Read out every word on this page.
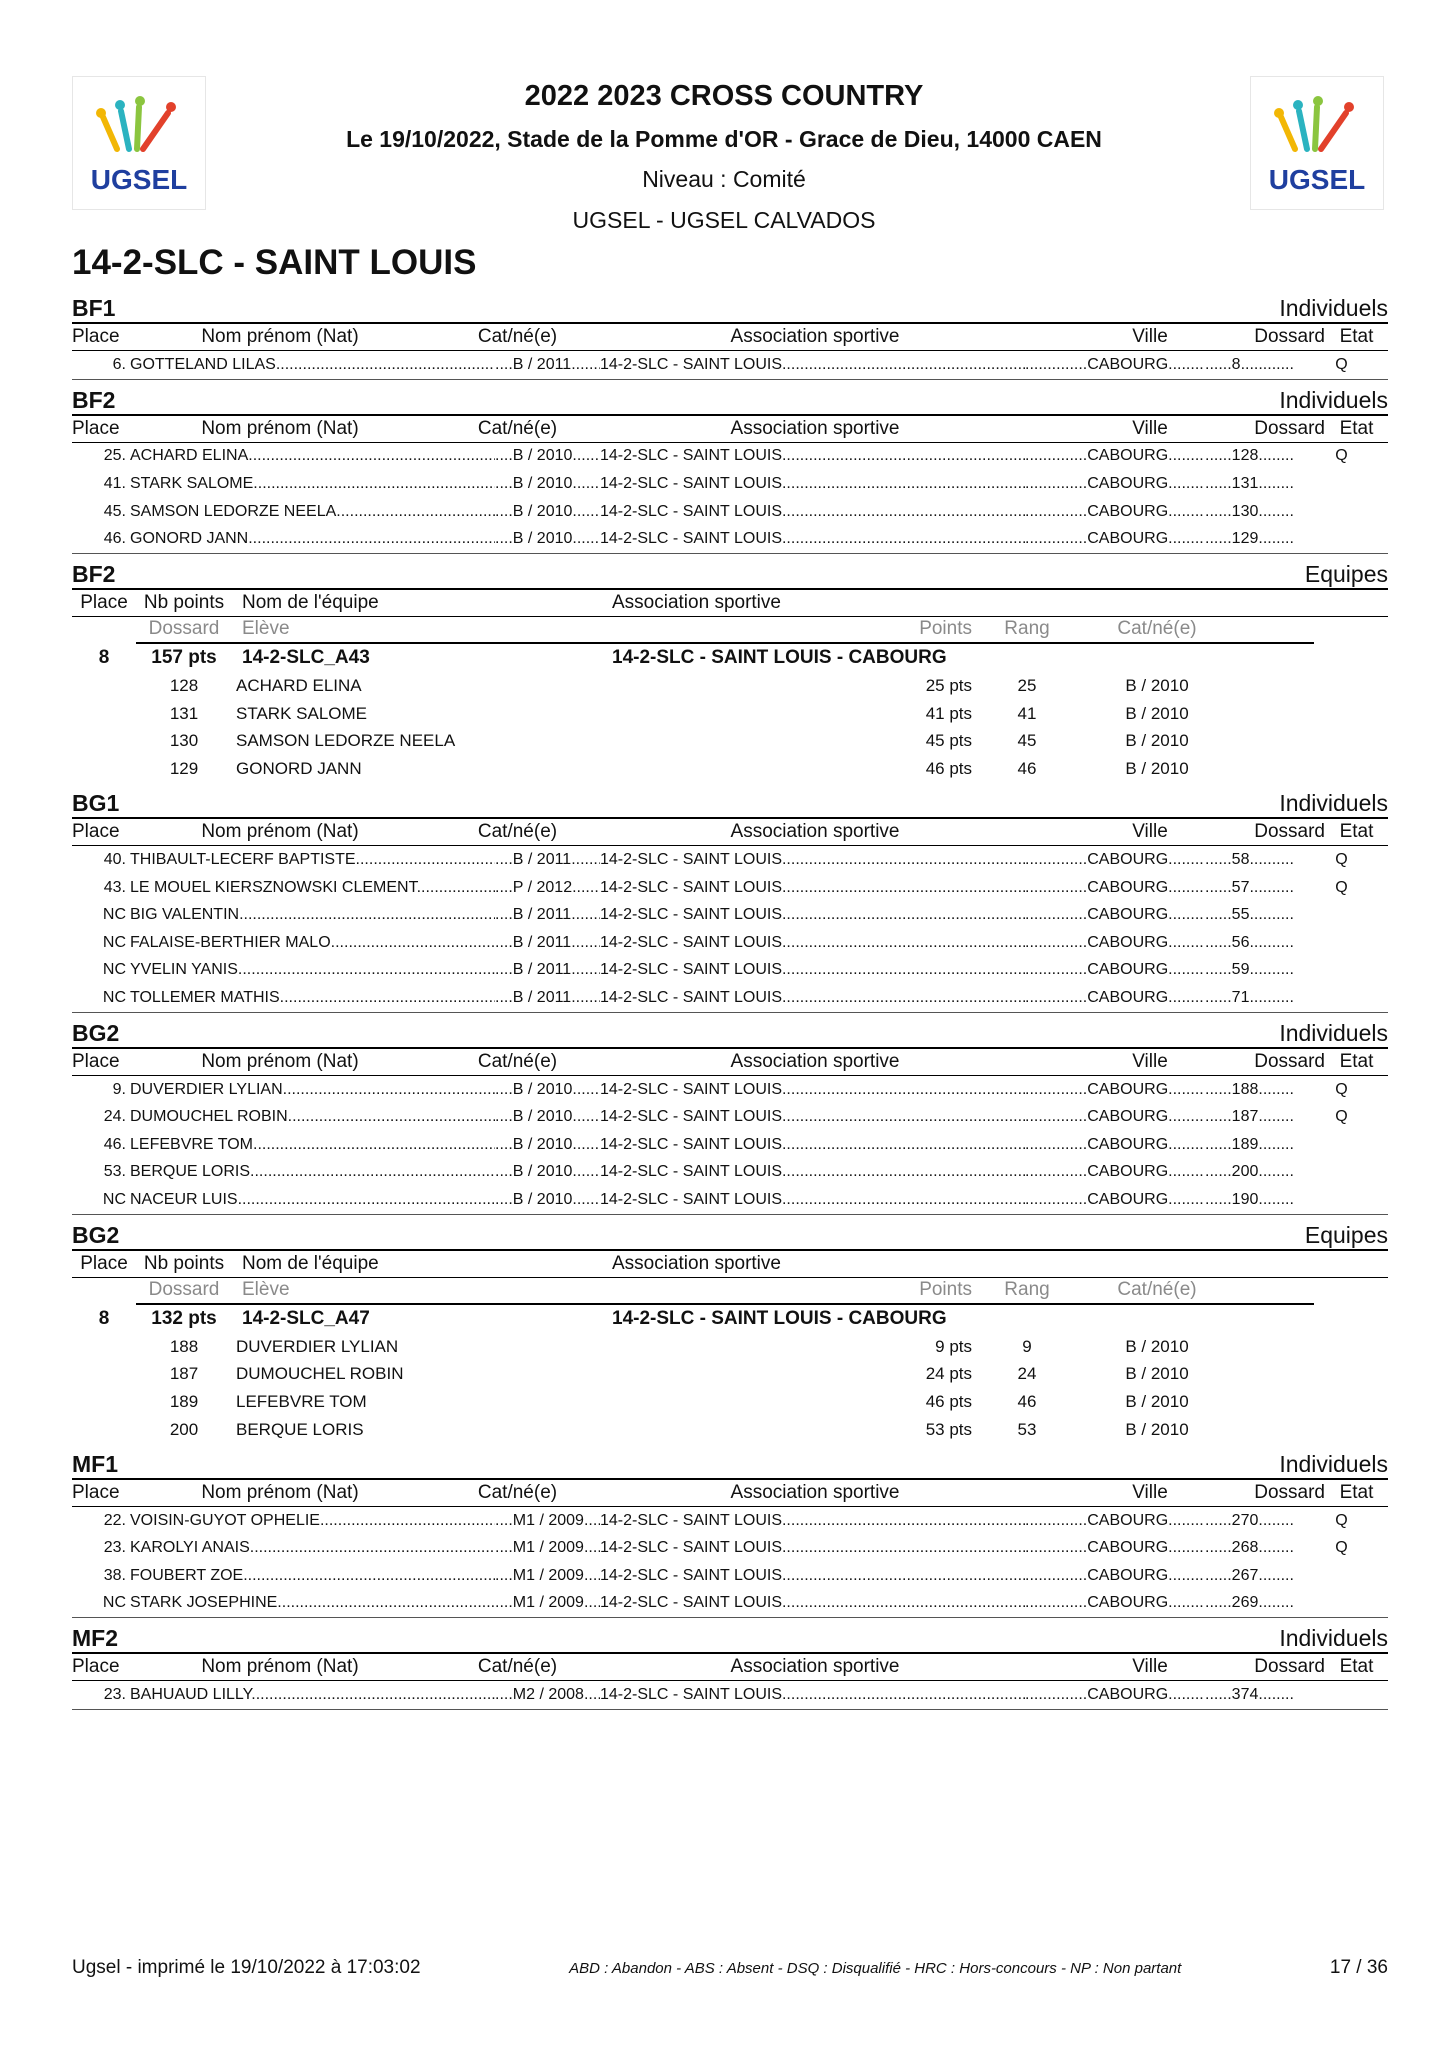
UGSEL	UGSEL
2022 2023 CROSS COUNTRY
Le 19/10/2022, Stade de la Pomme d'OR - Grace de Dieu, 14000 CAEN
Niveau : Comité
UGSEL - UGSEL CALVADOS
14-2-SLC - SAINT LOUIS
BF1	Individuels
Place	Nom prénom (Nat)	Cat/né(e)	Association sportive	Ville	Dossard Etat
6. GOTTELAND LILAS .....	.... B / 2011 .....	14-2-SLC - SAINT LOUIS .....	..............CABOURG .....	......8 .....	Q
BF2	Individuels
Place	Nom prénom (Nat)	Cat/né(e)	Association sportive	Ville	Dossard Etat
25. ACHARD ELINA .....	.... B / 2010 .....	14-2-SLC - SAINT LOUIS .....	..............CABOURG .....	......128 .....	Q
41. STARK SALOME .....	.... B / 2010 .....	14-2-SLC - SAINT LOUIS .....	..............CABOURG .....	......131 .....
45. SAMSON LEDORZE NEELA .....	.... B / 2010 .....	14-2-SLC - SAINT LOUIS .....	..............CABOURG .....	......130 .....
46. GONORD JANN .....	.... B / 2010 .....	14-2-SLC - SAINT LOUIS .....	..............CABOURG .....	......129 .....
BF2	Equipes
Place Nb points Nom de l'équipe	Association sportive
Dossard	Elève	Points	Rang	Cat/né(e)
8	157 pts	14-2-SLC_A43	14-2-SLC - SAINT LOUIS - CABOURG
128	ACHARD ELINA	25 pts	25	B / 2010
131	STARK SALOME	41 pts	41	B / 2010
130	SAMSON LEDORZE NEELA	45 pts	45	B / 2010
129	GONORD JANN	46 pts	46	B / 2010
BG1	Individuels
Place	Nom prénom (Nat)	Cat/né(e)	Association sportive	Ville	Dossard Etat
40. THIBAULT-LECERF BAPTISTE .....	.... B / 2011 .....	14-2-SLC - SAINT LOUIS .....	..............CABOURG .....	......58 .....	Q
43. LE MOUEL KIERSZNOWSKI CLEMENT .....	.... P / 2012 .....	14-2-SLC - SAINT LOUIS .....	..............CABOURG .....	......57 .....	Q
NC BIG VALENTIN .....	.... B / 2011 .....	14-2-SLC - SAINT LOUIS .....	..............CABOURG .....	......55 .....
NC FALAISE-BERTHIER MALO .....	.... B / 2011 .....	14-2-SLC - SAINT LOUIS .....	..............CABOURG .....	......56 .....
NC YVELIN YANIS .....	.... B / 2011 .....	14-2-SLC - SAINT LOUIS .....	..............CABOURG .....	......59 .....
NC TOLLEMER MATHIS .....	.... B / 2011 .....	14-2-SLC - SAINT LOUIS .....	..............CABOURG .....	......71 .....
BG2	Individuels
Place	Nom prénom (Nat)	Cat/né(e)	Association sportive	Ville	Dossard Etat
9. DUVERDIER LYLIAN .....	.... B / 2010 .....	14-2-SLC - SAINT LOUIS .....	..............CABOURG .....	......188 .....	Q
24. DUMOUCHEL ROBIN .....	.... B / 2010 .....	14-2-SLC - SAINT LOUIS .....	..............CABOURG .....	......187 .....	Q
46. LEFEBVRE TOM .....	.... B / 2010 .....	14-2-SLC - SAINT LOUIS .....	..............CABOURG .....	......189 .....
53. BERQUE LORIS .....	.... B / 2010 .....	14-2-SLC - SAINT LOUIS .....	..............CABOURG .....	......200 .....
NC NACEUR LUIS .....	.... B / 2010 .....	14-2-SLC - SAINT LOUIS .....	..............CABOURG .....	......190 .....
BG2	Equipes
Place Nb points Nom de l'équipe	Association sportive
Dossard	Elève	Points	Rang	Cat/né(e)
8	132 pts	14-2-SLC_A47	14-2-SLC - SAINT LOUIS - CABOURG
188	DUVERDIER LYLIAN	9 pts	9	B / 2010
187	DUMOUCHEL ROBIN	24 pts	24	B / 2010
189	LEFEBVRE TOM	46 pts	46	B / 2010
200	BERQUE LORIS	53 pts	53	B / 2010
MF1	Individuels
Place	Nom prénom (Nat)	Cat/né(e)	Association sportive	Ville	Dossard Etat
22. VOISIN-GUYOT OPHELIE .....	.... M1 / 2009 .....	14-2-SLC - SAINT LOUIS .....	..............CABOURG .....	......270 .....	Q
23. KAROLYI ANAIS .....	.... M1 / 2009 .....	14-2-SLC - SAINT LOUIS .....	..............CABOURG .....	......268 .....	Q
38. FOUBERT ZOE .....	.... M1 / 2009 .....	14-2-SLC - SAINT LOUIS .....	..............CABOURG .....	......267 .....
NC STARK JOSEPHINE .....	.... M1 / 2009 .....	14-2-SLC - SAINT LOUIS .....	..............CABOURG .....	......269 .....
MF2	Individuels
Place	Nom prénom (Nat)	Cat/né(e)	Association sportive	Ville	Dossard Etat
23. BAHUAUD LILLY .....	.... M2 / 2008 .....	14-2-SLC - SAINT LOUIS .....	..............CABOURG .....	......374 .....
Ugsel - imprimé le 19/10/2022 à 17:03:02	ABD : Abandon - ABS : Absent - DSQ : Disqualifié - HRC : Hors-concours - NP : Non partant	17 / 36
